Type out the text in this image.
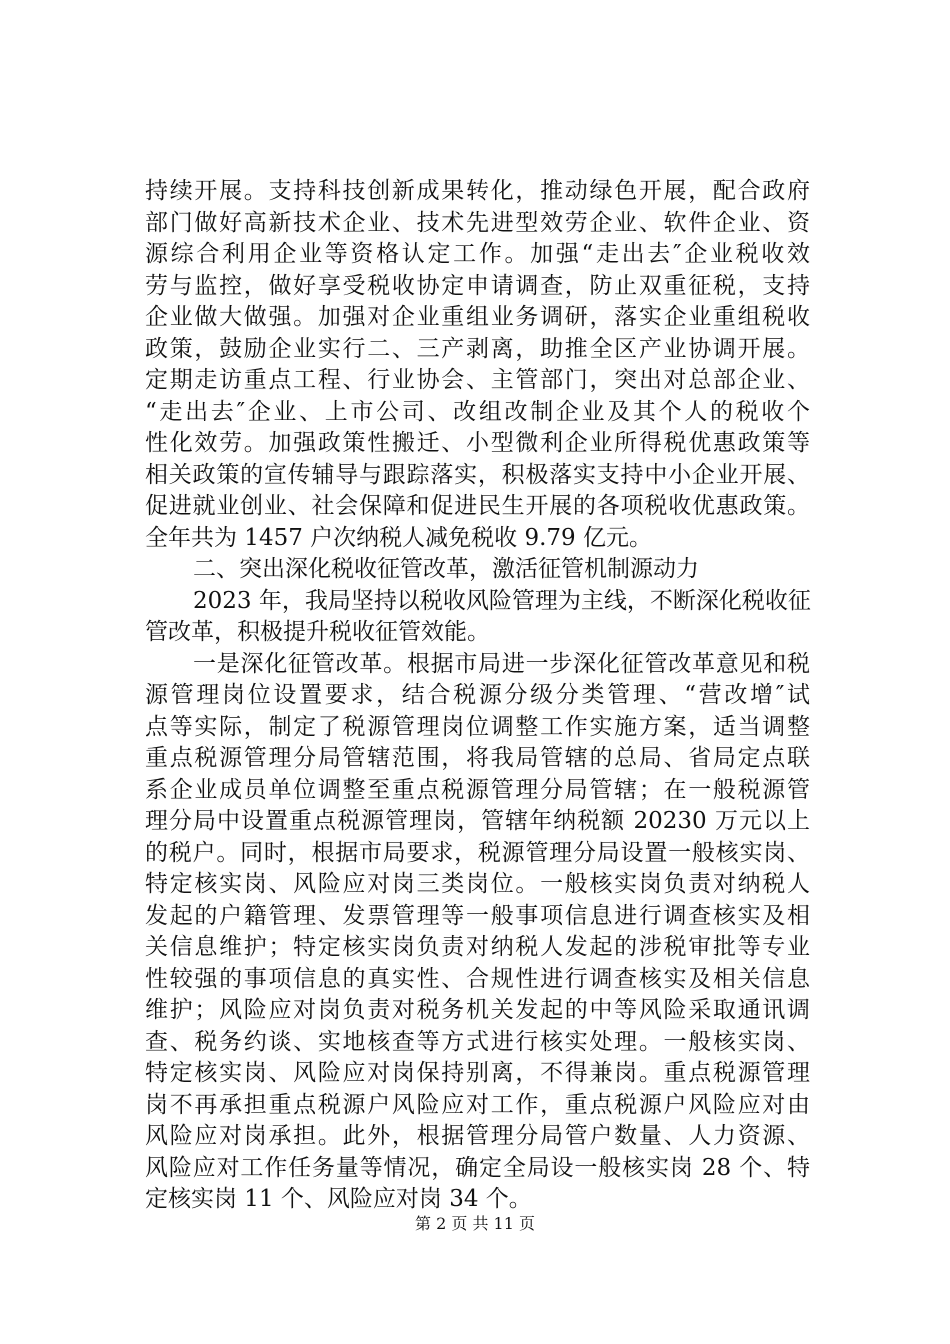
持续开展。支持科技创新成果转化，推动绿色开展，配合政府
部门做好高新技术企业、技术先进型效劳企业、软件企业、资
源综合利用企业等资格认定工作。加强“走出去″企业税收效
劳与监控，做好享受税收协定申请调查，防止双重征税，支持
企业做大做强。加强对企业重组业务调研，落实企业重组税收
政策，鼓励企业实行二、三产剥离，助推全区产业协调开展。
定期走访重点工程、行业协会、主管部门，突出对总部企业、
“走出去″企业、上市公司、改组改制企业及其个人的税收个
性化效劳。加强政策性搬迁、小型微利企业所得税优惠政策等
相关政策的宣传辅导与跟踪落实，积极落实支持中小企业开展、
促进就业创业、社会保障和促进民生开展的各项税收优惠政策。
全年共为 1457 户次纳税人减免税收 9.79 亿元。
二、突出深化税收征管改革，激活征管机制源动力
2023 年，我局坚持以税收风险管理为主线，不断深化税收征
管改革，积极提升税收征管效能。
一是深化征管改革。根据市局进一步深化征管改革意见和税
源管理岗位设置要求，结合税源分级分类管理、“营改增″试
点等实际，制定了税源管理岗位调整工作实施方案，适当调整
重点税源管理分局管辖范围，将我局管辖的总局、省局定点联
系企业成员单位调整至重点税源管理分局管辖；在一般税源管
理分局中设置重点税源管理岗，管辖年纳税额 20230 万元以上
的税户。同时，根据市局要求，税源管理分局设置一般核实岗、
特定核实岗、风险应对岗三类岗位。一般核实岗负责对纳税人
发起的户籍管理、发票管理等一般事项信息进行调查核实及相
关信息维护；特定核实岗负责对纳税人发起的涉税审批等专业
性较强的事项信息的真实性、合规性进行调查核实及相关信息
维护；风险应对岗负责对税务机关发起的中等风险采取通讯调
查、税务约谈、实地核查等方式进行核实处理。一般核实岗、
特定核实岗、风险应对岗保持别离，不得兼岗。重点税源管理
岗不再承担重点税源户风险应对工作，重点税源户风险应对由
风险应对岗承担。此外，根据管理分局管户数量、人力资源、
风险应对工作任务量等情况，确定全局设一般核实岗 28 个、特
定核实岗 11 个、风险应对岗 34 个。
第 2 页 共 11 页
